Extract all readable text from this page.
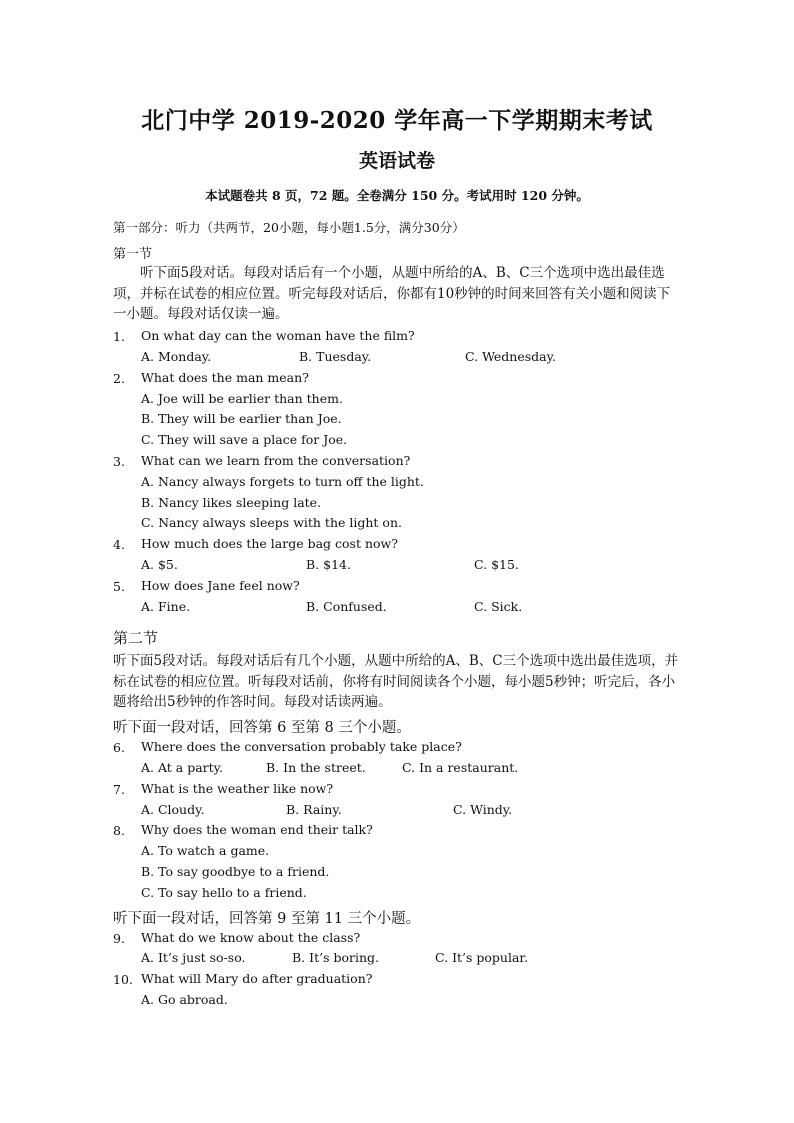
北门中学 2019-2020 学年高一下学期期末考试
英语试卷
本试题卷共 8 页，72 题。全卷满分 150 分。考试用时 120 分钟。
第一部分：听力（共两节，20小题，每小题1.5分，满分30分）
第一节
听下面5段对话。每段对话后有一个小题，从题中所给的A、B、C三个选项中选出最佳选项，并标在试卷的相应位置。听完每段对话后，你都有10秒钟的时间来回答有关小题和阅读下一小题。每段对话仅读一遍。
1. On what day can the woman have the film?
A. Monday.	B. Tuesday.	C. Wednesday.
2. What does the man mean?
A. Joe will be earlier than them.
B. They will be earlier than Joe.
C. They will save a place for Joe.
3. What can we learn from the conversation?
A. Nancy always forgets to turn off the light.
B. Nancy likes sleeping late.
C. Nancy always sleeps with the light on.
4. How much does the large bag cost now?
A. $5.	B. $14.	C. $15.
5. How does Jane feel now?
A. Fine.	B. Confused.	C. Sick.
第二节
听下面5段对话。每段对话后有几个小题，从题中所给的A、B、C三个选项中选出最佳选项，并标在试卷的相应位置。听每段对话前，你将有时间阅读各个小题，每小题5秒钟；听完后，各小题将给出5秒钟的作答时间。每段对话读两遍。
听下面一段对话，回答第 6 至第 8 三个小题。
6. Where does the conversation probably take place?
A. At a party.	B. In the street.	C. In a restaurant.
7. What is the weather like now?
A. Cloudy.	B. Rainy.	C. Windy.
8. Why does the woman end their talk?
A. To watch a game.
B. To say goodbye to a friend.
C. To say hello to a friend.
听下面一段对话，回答第 9 至第 11 三个小题。
9. What do we know about the class?
A. It’s just so-so.	B. It’s boring.	C. It’s popular.
10. What will Mary do after graduation?
A. Go abroad.
